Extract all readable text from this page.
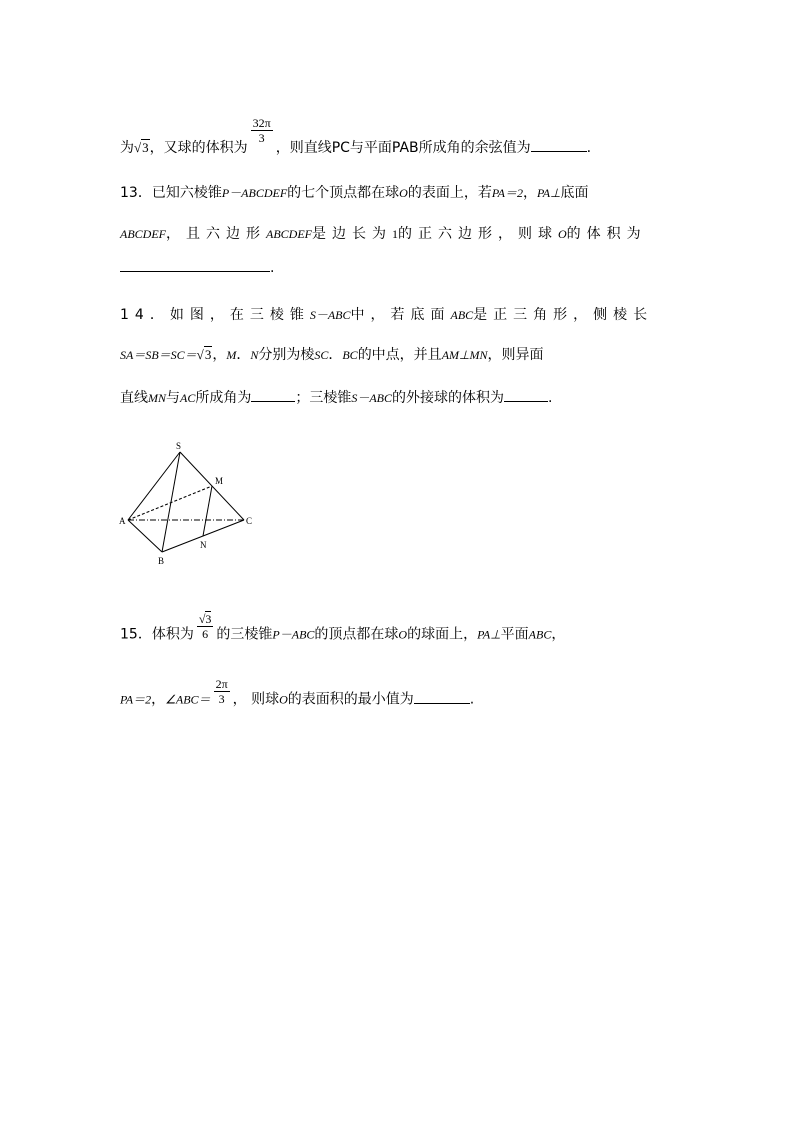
为√3，又球的体积为
$\frac{32\pi}{3}$
，则直线PC与平面PAB所成角的余弦值为	.
13．已知六棱锥P－ABCDEF的七个顶点都在球O的表面上，若PA＝2，PA⊥底面
ABCDEF，且六边形ABCDEF是边长为1的正六边形，则球O的体积为
.
14．如图，在三棱锥S－ABC中，若底面ABC是正三角形，侧棱长
SA＝SB＝SC＝√3，M．N分别为棱SC．BC的中点，并且AM⊥MN，则异面
直线MN与AC所成角为	；三棱锥S－ABC的外接球的体积为	.
S
M
A	C
N
B
15．体积为 $\frac{√3}{6}$ 的三棱锥P－ABC的顶点都在球O的球面上，PA⊥平面ABC，
PA＝2，∠ABC＝ $\frac{2\pi}{3}$ ， 则球O的表面积的最小值为	.
